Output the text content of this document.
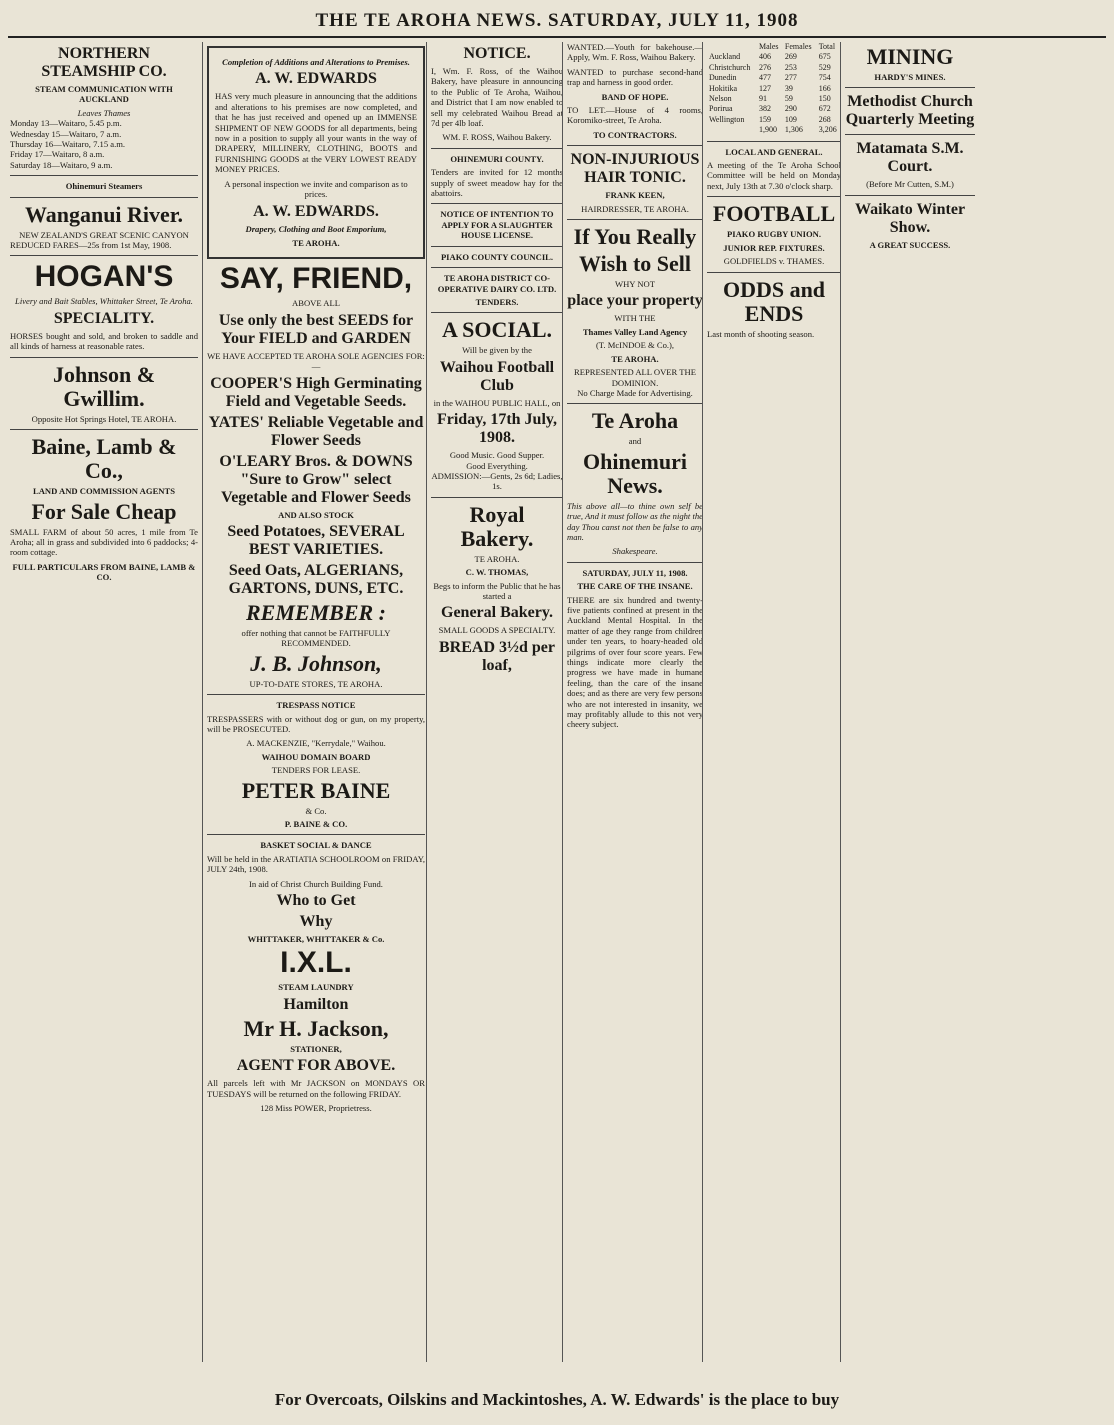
THE TE AROHA NEWS. SATURDAY, JULY 11, 1908
NORTHERN STEAMSHIP CO.
STEAM COMMUNICATION WITH AUCKLAND
Leaves Thames
Monday 13—Waitaro, 5.45 p.m.
Wednesday 15—Waitaro, 7 a.m.
Thursday 16—Waitaro, 7.15 a.m.
Friday 17—Waitaro, 8 a.m.
Saturday 18—Waitaro, 9 a.m.
Ohinemuri Steamers
Wanganui River.
NEW ZEALAND'S GREAT SCENIC CANYON

REDUCED FARES—25s from 1st May, 1908.

HOGAN'S
Livery and Bait Stables, Whittaker Street, Te Aroha.
SPECIALITY.

HORSES bought and sold, and broken to saddle and all kinds of harness at reasonable rates.

Johnson & Gwillim.
Opposite Hot Springs Hotel, TE AROHA.
Baine, Lamb & Co.,
LAND AND COMMISSION AGENTS
For Sale Cheap

SMALL FARM of about 50 acres, 1 mile from Te Aroha; all in grass and subdivided into 6 paddocks; 4-room cottage.

FULL PARTICULARS FROM BAINE, LAMB & CO.
Completion of Additions and Alterations to Premises.
A. W. EDWARDS

HAS very much pleasure in announcing that the additions and alterations to his premises are now completed, and that he has just received and opened up an IMMENSE SHIPMENT OF NEW GOODS for all departments, being now in a position to supply all your wants in the way of DRAPERY, MILLINERY, CLOTHING, BOOTS and FURNISHING GOODS at the VERY LOWEST READY MONEY PRICES.

A personal inspection we invite and comparison as to prices.

A. W. EDWARDS.
Drapery, Clothing and Boot Emporium,
TE AROHA.
SAY, FRIEND,
ABOVE ALL
Use only the best SEEDS for Your FIELD and GARDEN
WE HAVE ACCEPTED TE AROHA SOLE AGENCIES FOR:—
COOPER'S High Germinating Field and Vegetable Seeds.
YATES' Reliable Vegetable and Flower Seeds
O'LEARY Bros. & DOWNS "Sure to Grow" select Vegetable and Flower Seeds
AND ALSO STOCK
Seed Potatoes, SEVERAL BEST VARIETIES.
Seed Oats, ALGERIANS, GARTONS, DUNS, ETC.
REMEMBER :
offer nothing that cannot be FAITHFULLY RECOMMENDED.
J. B. Johnson,
UP-TO-DATE STORES, TE AROHA.
TRESPASS NOTICE

TRESPASSERS with or without dog or gun, on my property, will be PROSECUTED.

A. MACKENZIE, "Kerrydale," Waihou.
WAIHOU DOMAIN BOARD
TENDERS FOR LEASE.
PETER BAINE
& Co.
P. BAINE & CO.
BASKET SOCIAL & DANCE

Will be held in the ARATIATIA SCHOOLROOM on FRIDAY, JULY 24th, 1908.

In aid of Christ Church Building Fund.
Who to Get
Why
WHITTAKER, WHITTAKER & Co.
I.X.L.
STEAM LAUNDRY
Hamilton
Mr H. Jackson,
STATIONER,
AGENT FOR ABOVE.

All parcels left with Mr JACKSON on MONDAYS OR TUESDAYS will be returned on the following FRIDAY.

128 Miss POWER, Proprietress.
NOTICE.

I, Wm. F. Ross, of the Waihou Bakery, have pleasure in announcing to the Public of Te Aroha, Waihou, and District that I am now enabled to sell my celebrated Waihou Bread at 7d per 4lb loaf.

WM. F. ROSS, Waihou Bakery.
OHINEMURI COUNTY.

Tenders are invited for 12 months supply of sweet meadow hay for the abattoirs.

NOTICE OF INTENTION TO APPLY FOR A SLAUGHTER HOUSE LICENSE.
PIAKO COUNTY COUNCIL.
TE AROHA DISTRICT CO-OPERATIVE DAIRY CO. LTD.
TENDERS.
A SOCIAL.
Will be given by the
Waihou Football Club
in the WAIHOU PUBLIC HALL, on
Friday, 17th July, 1908.
Good Music. Good Supper.
Good Everything.
ADMISSION:—Gents, 2s 6d; Ladies, 1s.
Royal Bakery.
TE AROHA.
C. W. THOMAS,
Begs to inform the Public that he has started a
General Bakery.
SMALL GOODS A SPECIALTY.
BREAD 3½d per loaf,

WANTED.—Youth for bakehouse.—Apply, Wm. F. Ross, Waihou Bakery.

WANTED to purchase second-hand trap and harness in good order.

BAND OF HOPE.

TO LET.—House of 4 rooms, Koromiko-street, Te Aroha.

TO CONTRACTORS.
NON-INJURIOUS HAIR TONIC.
FRANK KEEN,
HAIRDRESSER, TE AROHA.
If You Really
Wish to Sell
WHY NOT
place your property
WITH THE
Thames Valley Land Agency
(T. McINDOE & Co.),
TE AROHA.
REPRESENTED ALL OVER THE DOMINION.
No Charge Made for Advertising.
Te Aroha
and
Ohinemuri News.

This above all—to thine own self be true, And it must follow as the night the day Thou canst not then be false to any man.

Shakespeare.
SATURDAY, JULY 11, 1908.
THE CARE OF THE INSANE.

THERE are six hundred and twenty-five patients confined at present in the Auckland Mental Hospital. In the matter of age they range from children under ten years, to hoary-headed old pilgrims of over four score years. Few things indicate more clearly the progress we have made in humane feeling, than the care of the insane does; and as there are very few persons who are not interested in insanity, we may profitably allude to this not very cheery subject.

	Males	Females	Total
Auckland	406	269	675
Christchurch	276	253	529
Dunedin	477	277	754
Hokitika	127	39	166
Nelson	91	59	150
Porirua	382	290	672
Wellington	159	109	268
	1,900	1,306	3,206
LOCAL AND GENERAL.

A meeting of the Te Aroha School Committee will be held on Monday next, July 13th at 7.30 o'clock sharp.

FOOTBALL
PIAKO RUGBY UNION.
JUNIOR REP. FIXTURES.
GOLDFIELDS v. THAMES.
ODDS and ENDS

Last month of shooting season.

MINING
HARDY'S MINES.
Methodist Church Quarterly Meeting
Matamata S.M. Court.
(Before Mr Cutten, S.M.)
Waikato Winter Show.
A GREAT SUCCESS.
For Overcoats, Oilskins and Mackintoshes, A. W. Edwards' is the place to buy
